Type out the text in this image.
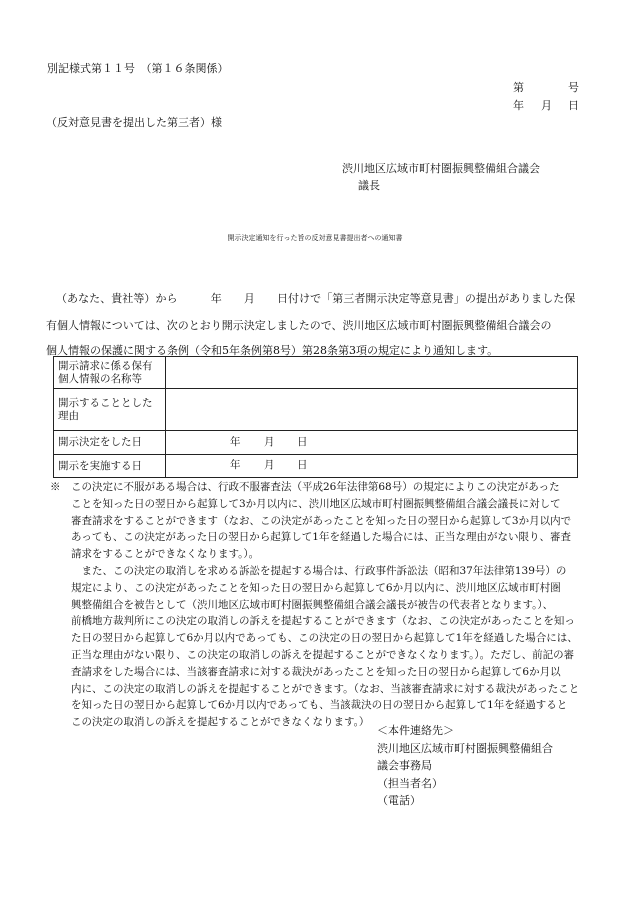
別記様式第１１号　（第１６条関係）
第	号
年 月 日
（反対意見書を提出した第三者）様
渋川地区広域市町村圏振興整備組合議会
議長
開示決定通知を行った旨の反対意見書提出者への通知書
（あなた、貴社等）から　　　年　　月　　日付けで「第三者開示決定等意見書」の提出がありました保
有個人情報については、次のとおり開示決定しましたので、渋川地区広域市町村圏振興整備組合議会の
個人情報の保護に関する条例（令和5年条例第8号）第28条第3項の規定により通知します。
開示請求に係る保有
個人情報の名称等	

開示することとした
理由	

開示決定をした日	年 月 日

開示を実施する日	年 月 日

※　この決定に不服がある場合は、行政不服審査法（平成26年法律第68号）の規定によりこの決定があった

　　ことを知った日の翌日から起算して3か月以内に、渋川地区広域市町村圏振興整備組合議会議長に対して

　　審査請求をすることができます（なお、この決定があったことを知った日の翌日から起算して3か月以内で

　　あっても、この決定があった日の翌日から起算して1年を経過した場合には、正当な理由がない限り、審査

　　請求をすることができなくなります。）。

　　　また、この決定の取消しを求める訴訟を提起する場合は、行政事件訴訟法（昭和37年法律第139号）の

　　規定により、この決定があったことを知った日の翌日から起算して6か月以内に、渋川地区広域市町村圏

　　興整備組合を被告として（渋川地区広域市町村圏振興整備組合議会議長が被告の代表者となります。）、

　　前橋地方裁判所にこの決定の取消しの訴えを提起することができます（なお、この決定があったことを知っ

　　た日の翌日から起算して6か月以内であっても、この決定の日の翌日から起算して1年を経過した場合には、

　　正当な理由がない限り、この決定の取消しの訴えを提起することができなくなります。）。ただし、前記の審

　　査請求をした場合には、当該審査請求に対する裁決があったことを知った日の翌日から起算して6か月以

　　内に、この決定の取消しの訴えを提起することができます。（なお、当該審査請求に対する裁決があったこと

　　を知った日の翌日から起算して6か月以内であっても、当該裁決の日の翌日から起算して1年を経過すると

　　この決定の取消しの訴えを提起することができなくなります。）

＜本件連絡先＞
渋川地区広域市町村圏振興整備組合
議会事務局
（担当者名）
（電話）
